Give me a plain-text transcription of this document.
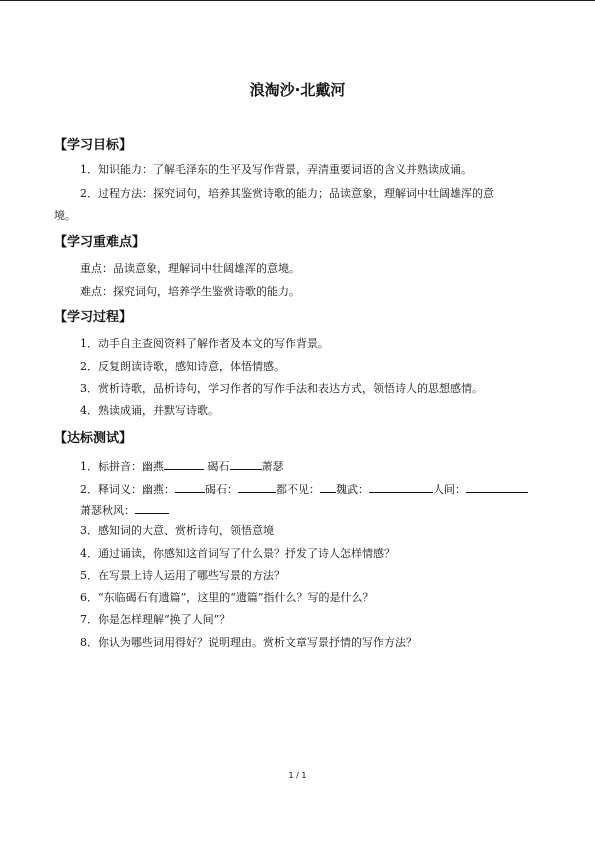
浪淘沙·北戴河
【学习目标】
1．知识能力：了解毛泽东的生平及写作背景，弄清重要词语的含义并熟读成诵。
2．过程方法：探究词句，培养其鉴赏诗歌的能力；品读意象，理解词中壮阔雄浑的意
境。
【学习重难点】
重点：品读意象，理解词中壮阔雄浑的意境。
难点：探究词句，培养学生鉴赏诗歌的能力。
【学习过程】
1．动手自主查阅资料了解作者及本文的写作背景。
2．反复朗读诗歌，感知诗意，体悟情感。
3．赏析诗歌，品析诗句，学习作者的写作手法和表达方式，领悟诗人的思想感情。
4．熟读成诵，并默写诗歌。
【达标测试】
1．标拼音：幽燕	碣石	萧瑟
2．释词义：幽燕：	碣石：	都不见： 魏武：	人间：
萧瑟秋风：
3．感知词的大意、赏析诗句，领悟意境
4．通过诵读，你感知这首词写了什么景？抒发了诗人怎样情感？
5．在写景上诗人运用了哪些写景的方法？
6．“东临碣石有遗篇”，这里的“遗篇”指什么？写的是什么？
7．你是怎样理解“换了人间”？
8．你认为哪些词用得好？说明理由。赏析文章写景抒情的写作方法？
1 / 1
